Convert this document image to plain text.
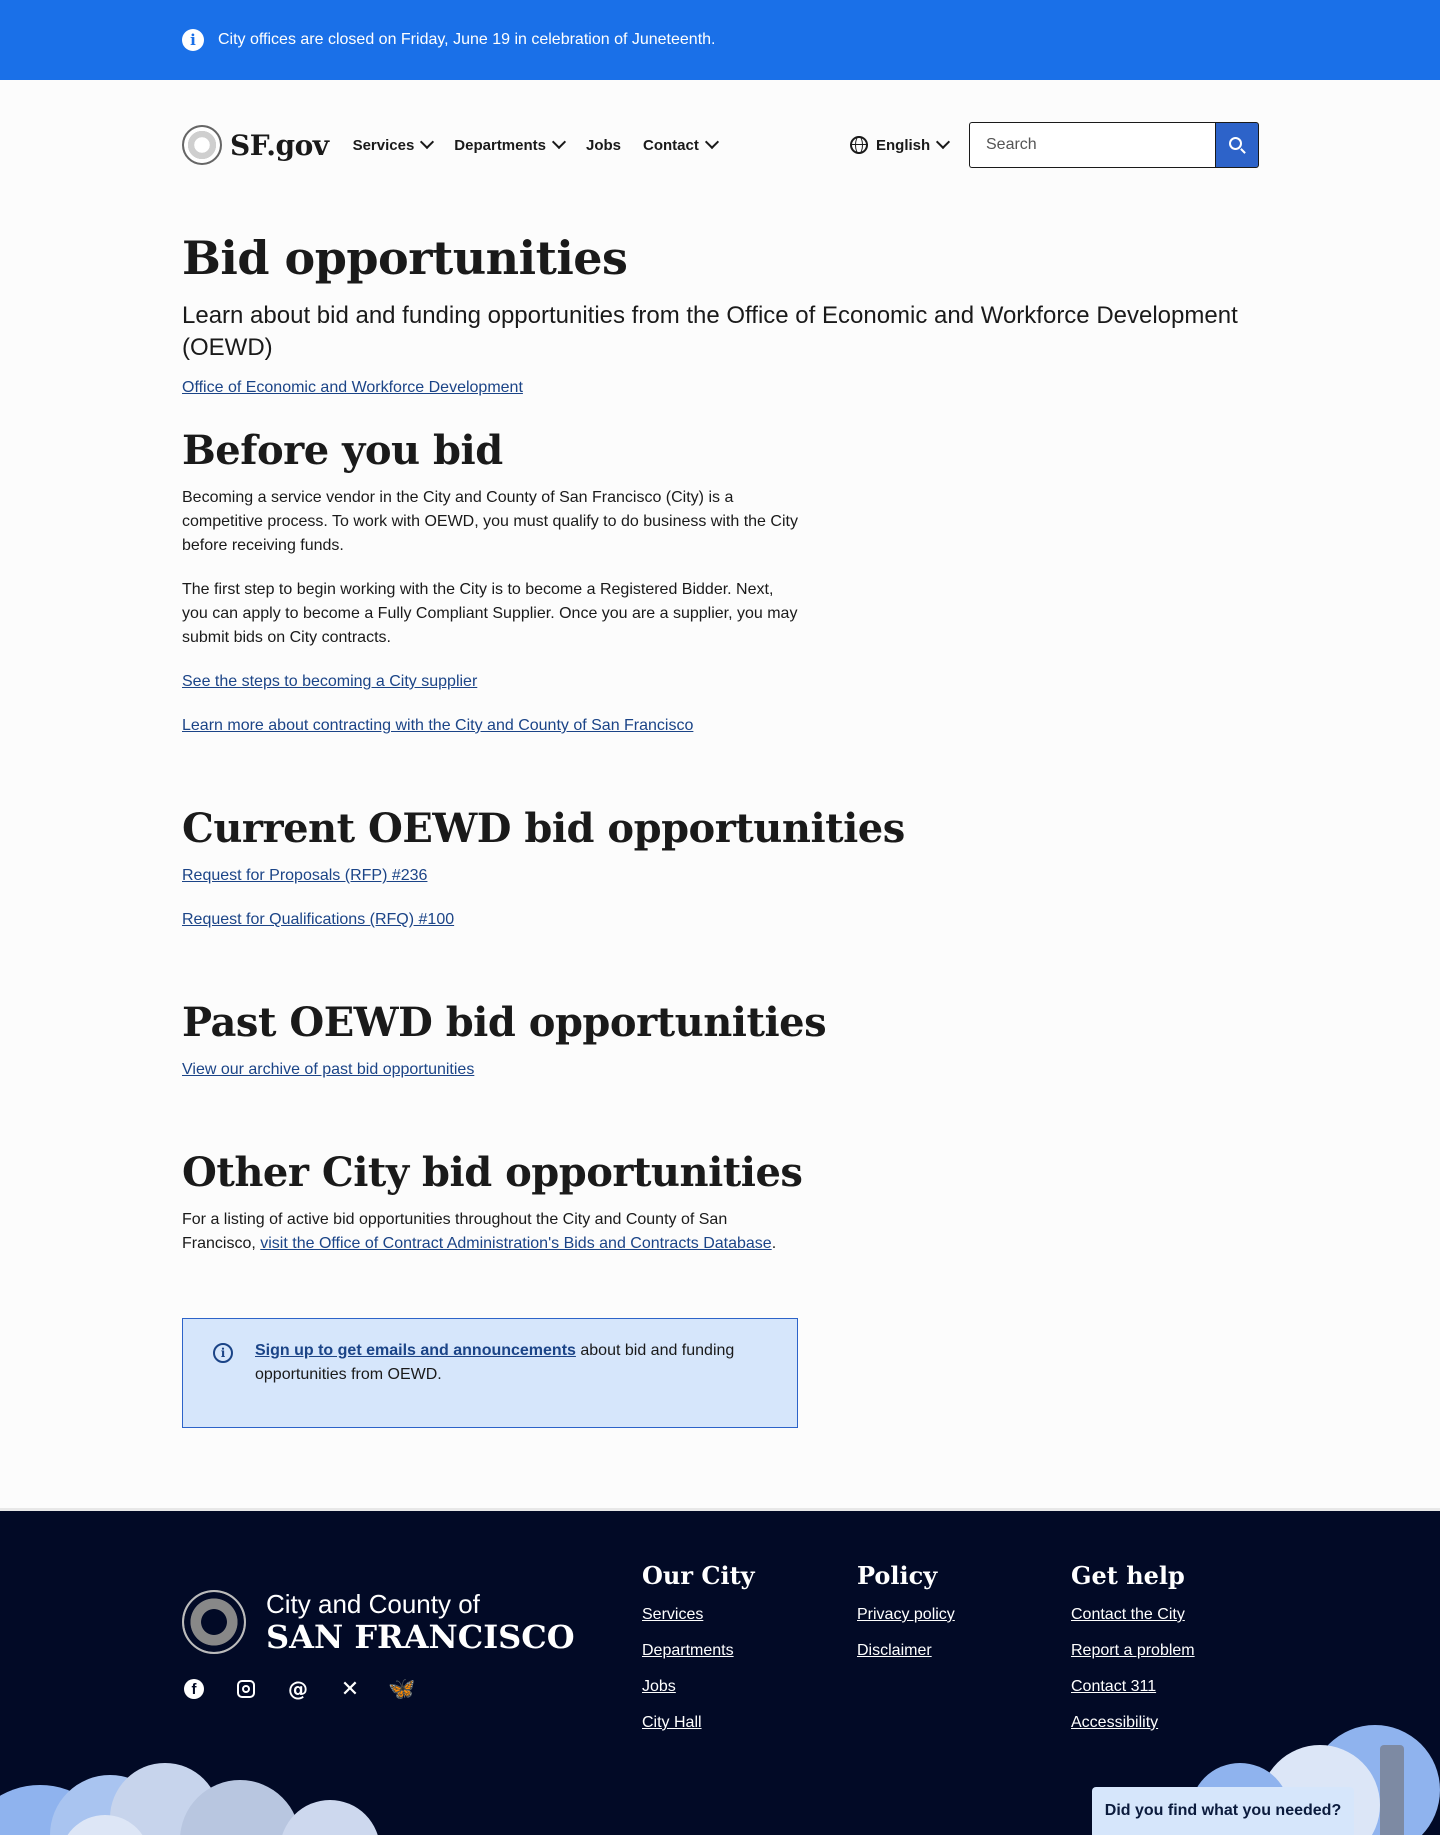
i	City offices are closed on Friday, June 19 in celebration of Juneteenth.
SF.gov Services	Departments	Jobs Contact	English
Search
Bid opportunities

Learn about bid and funding opportunities from the Office of Economic and Workforce Development (OEWD)

Office of Economic and Workforce Development
Before you bid

Becoming a service vendor in the City and County of San Francisco (City) is a competitive process. To work with OEWD, you must qualify to do business with the City before receiving funds.

The first step to begin working with the City is to become a Registered Bidder. Next, you can apply to become a Fully Compliant Supplier. Once you are a supplier, you may submit bids on City contracts.

See the steps to becoming a City supplier
Learn more about contracting with the City and County of San Francisco
Current OEWD bid opportunities
Request for Proposals (RFP) #236
Request for Qualifications (RFQ) #100
Past OEWD bid opportunities
View our archive of past bid opportunities
Other City bid opportunities

For a listing of active bid opportunities throughout the City and County of San Francisco, visit the Office of Contract Administration's Bids and Contracts Database.

i	Sign up to get emails and announcements about bid and funding opportunities from OEWD.

City and County of
SAN FRANCISCO
f	@ ✕ 🦋
Our City
Services
Departments
Jobs
City Hall
Policy
Privacy policy
Disclaimer
Get help
Contact the City
Report a problem
Contact 311
Accessibility
Did you find what you needed?
